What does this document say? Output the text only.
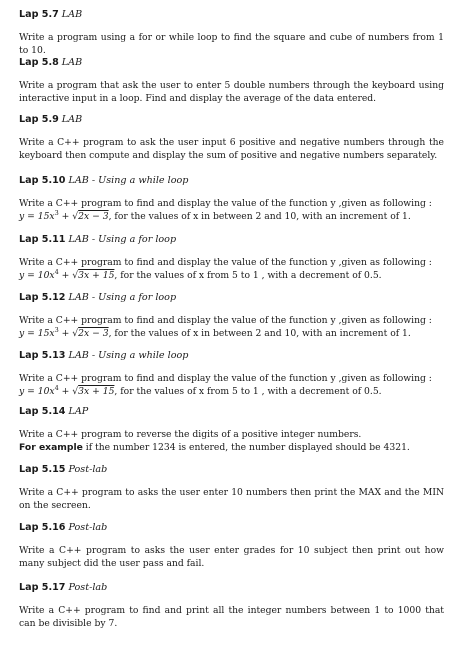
Lap 5.7 LAB

Write a program using a for or while loop to find the square and cube of numbers from 1 to 10.

Lap 5.8 LAB

Write a program that ask the user to enter 5 double numbers through the keyboard using interactive input in a loop. Find and display the average of the data entered.

Lap 5.9 LAB

Write a C++ program to ask the user input 6 positive and negative numbers through the keyboard then compute and display the sum of positive and negative numbers separately.

Lap 5.10 LAB - Using a while loop

Write a C++ program to find and display the value of the function y ,given as following :

$y = 15x^3 + √2x - 3$, for the values of x in between 2 and 10, with an increment of 1.

Lap 5.11 LAB - Using a for loop

Write a C++ program to find and display the value of the function y ,given as following :

$y = 10x^4 + √3x + 15$, for the values of x from 5 to 1 , with a decrement of 0.5.

Lap 5.12 LAB - Using a for loop

Write a C++ program to find and display the value of the function y ,given as following :

$y = 15x^3 + √2x - 3$, for the values of x in between 2 and 10, with an increment of 1.

Lap 5.13 LAB - Using a while loop

Write a C++ program to find and display the value of the function y ,given as following :

$y = 10x^4 + √3x + 15$, for the values of x from 5 to 1 , with a decrement of 0.5.

Lap 5.14 LAP

Write a C++ program to reverse the digits of a positive integer numbers.

For example if the number 1234 is entered, the number displayed should be 4321.

Lap 5.15 Post-lab

Write a C++ program to asks the user enter 10 numbers then print the MAX and the MIN on the secreen.

Lap 5.16 Post-lab

Write a C++ program to asks the user enter grades for 10 subject then print out how many subject did the user pass and fail.

Lap 5.17 Post-lab

Write a C++ program to find and print all the integer numbers between 1 to 1000 that can be divisible by 7.
